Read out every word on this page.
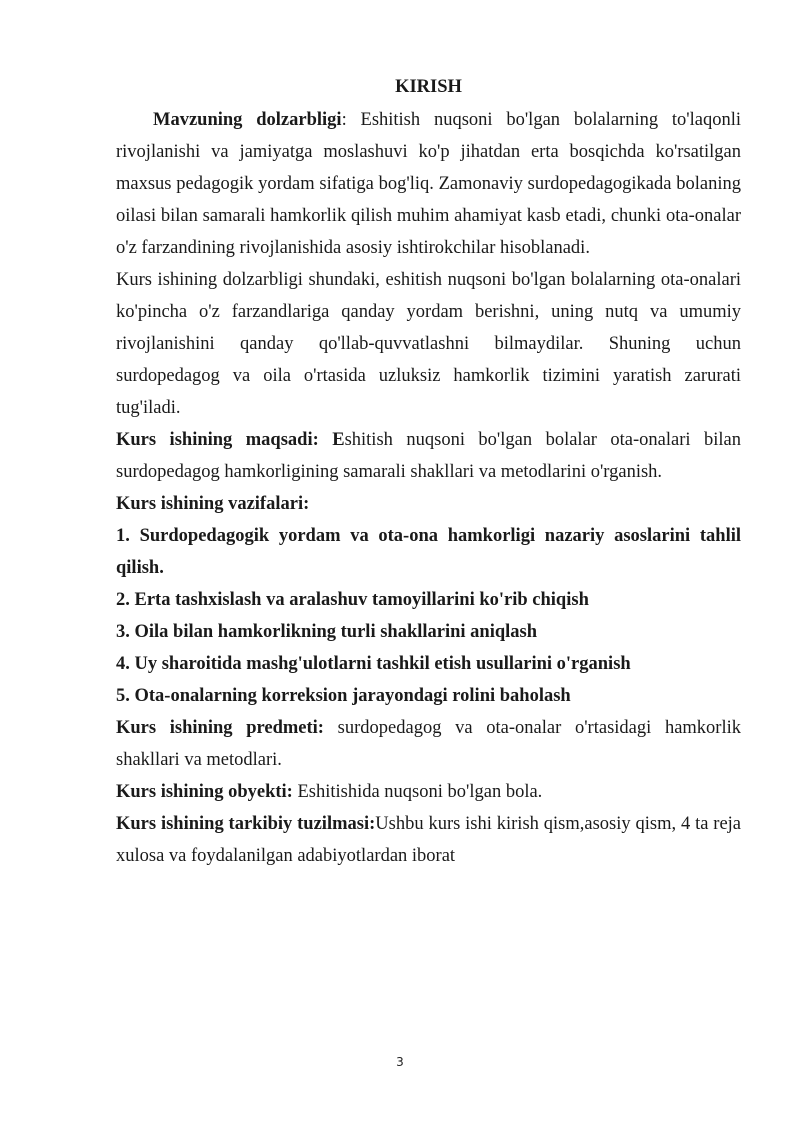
KIRISH

Mavzuning dolzarbligi: Eshitish nuqsoni bo'lgan bolalarning to'laqonli rivojlanishi va jamiyatga moslashuvi ko'p jihatdan erta bosqichda ko'rsatilgan maxsus pedagogik yordam sifatiga bog'liq. Zamonaviy surdopedagogikada bolaning oilasi bilan samarali hamkorlik qilish muhim ahamiyat kasb etadi, chunki ota-onalar o'z farzandining rivojlanishida asosiy ishtirokchilar hisoblanadi.

Kurs ishining dolzarbligi shundaki, eshitish nuqsoni bo'lgan bolalarning ota-onalari ko'pincha o'z farzandlariga qanday yordam berishni, uning nutq va umumiy rivojlanishini qanday qo'llab-quvvatlashni bilmaydilar. Shuning uchun surdopedagog va oila o'rtasida uzluksiz hamkorlik tizimini yaratish zarurati tug'iladi.

Kurs ishining maqsadi: Eshitish nuqsoni bo'lgan bolalar ota-onalari bilan surdopedagog hamkorligining samarali shakllari va metodlarini o'rganish.

Kurs ishining vazifalari:

1. Surdopedagogik yordam va ota-ona hamkorligi nazariy asoslarini tahlil qilish.

2. Erta tashxislash va aralashuv tamoyillarini ko'rib chiqish

3. Oila bilan hamkorlikning turli shakllarini aniqlash

4. Uy sharoitida mashg'ulotlarni tashkil etish usullarini o'rganish

5. Ota-onalarning korreksion jarayondagi rolini baholash

Kurs ishining predmeti: surdopedagog va ota-onalar o'rtasidagi hamkorlik shakllari va metodlari.

Kurs ishining obyekti: Eshitishida nuqsoni bo'lgan bola.

Kurs ishining tarkibiy tuzilmasi:Ushbu kurs ishi kirish qism,asosiy qism, 4 ta reja xulosa va foydalanilgan adabiyotlardan iborat

3
